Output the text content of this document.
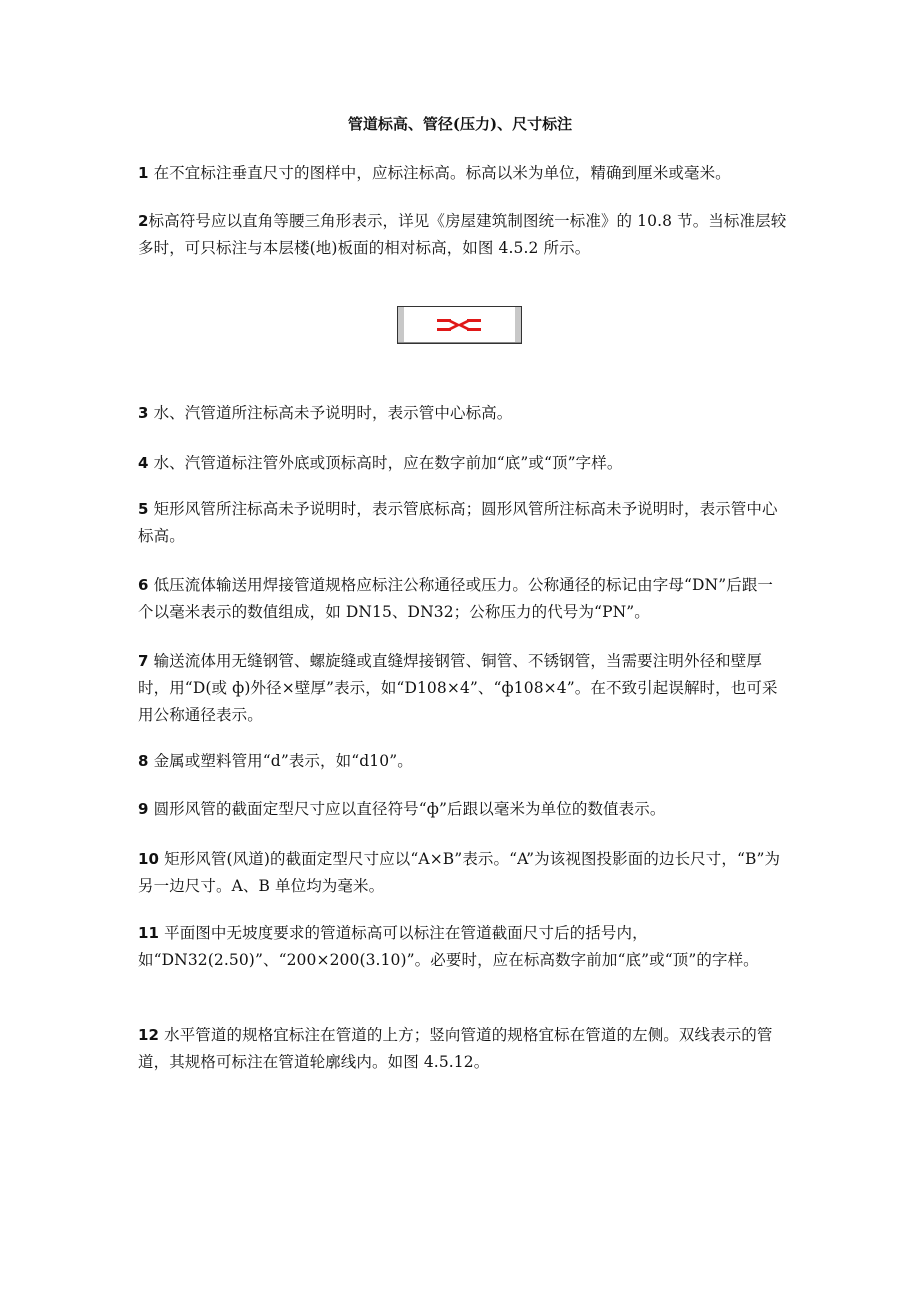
管道标高、管径(压力)、尺寸标注

1 在不宜标注垂直尺寸的图样中，应标注标高。标高以米为单位，精确到厘米或毫米。

2标高符号应以直角等腰三角形表示，详见《房屋建筑制图统一标准》的 10.8 节。当标准层较多时，可只标注与本层楼(地)板面的相对标高，如图 4.5.2 所示。

3 水、汽管道所注标高未予说明时，表示管中心标高。

4 水、汽管道标注管外底或顶标高时，应在数字前加“底”或“顶”字样。

5 矩形风管所注标高未予说明时，表示管底标高；圆形风管所注标高未予说明时，表示管中心标高。

6 低压流体输送用焊接管道规格应标注公称通径或压力。公称通径的标记由字母“DN”后跟一个以毫米表示的数值组成，如 DN15、DN32；公称压力的代号为“PN”。

7 输送流体用无缝钢管、螺旋缝或直缝焊接钢管、铜管、不锈钢管，当需要注明外径和壁厚时，用“D(或 ф)外径×壁厚”表示，如“D108×4”、“ф108×4”。在不致引起误解时，也可采用公称通径表示。

8 金属或塑料管用“d”表示，如“d10”。

9 圆形风管的截面定型尺寸应以直径符号“ф”后跟以毫米为单位的数值表示。

10 矩形风管(风道)的截面定型尺寸应以“A×B”表示。“A”为该视图投影面的边长尺寸，“B”为另一边尺寸。A、B 单位均为毫米。

11 平面图中无坡度要求的管道标高可以标注在管道截面尺寸后的括号内，如“DN32(2.50)”、“200×200(3.10)”。必要时，应在标高数字前加“底”或“顶”的字样。

12 水平管道的规格宜标注在管道的上方；竖向管道的规格宜标在管道的左侧。双线表示的管道，其规格可标注在管道轮廓线内。如图 4.5.12。
